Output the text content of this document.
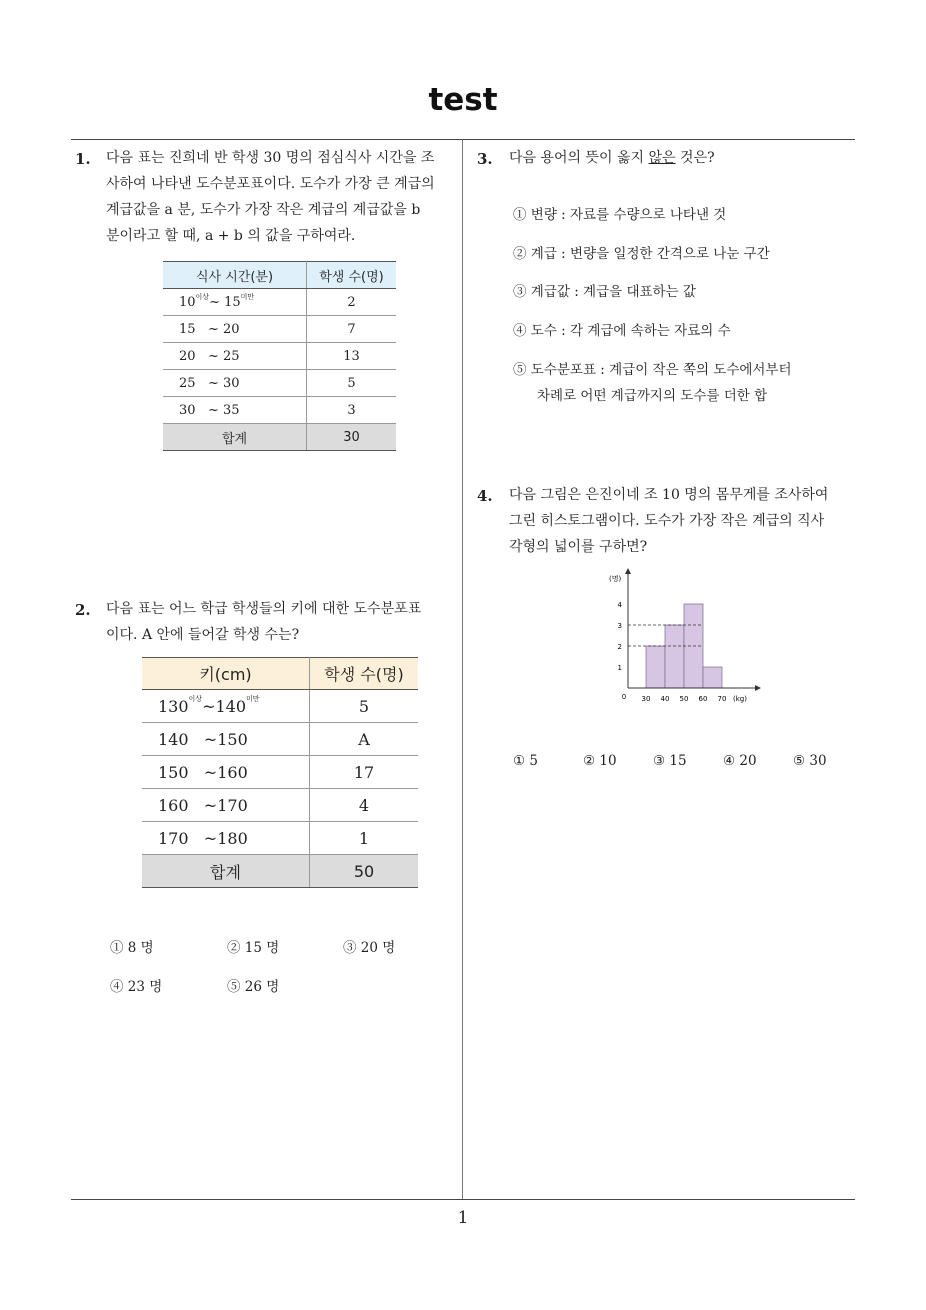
test
1
1. 다음 표는 진희네 반 학생 30 명의 점심식사 시간을 조
사하여 나타낸 도수분포표이다. 도수가 가장 큰 계급의
계급값을 a 분, 도수가 가장 작은 계급의 계급값을 b
분이라고 할 때, a + b 의 값을 구하여라.
식사 시간(분)	학생 수(명)
$10^{이상}\sim$ $15^{미만}$	2
15   ~ 20	7
20   ~ 25	13
25   ~ 30	5
30   ~ 35	3
합계	30
2. 다음 표는 어느 학급 학생들의 키에 대한 도수분포표
이다. A 안에 들어갈 학생 수는?
키(cm)	학생 수(명)
$130^{이상}\sim 140^{미만}$	5
140   ~150	A
150   ~160	17
160   ~170	4
170   ~180	1
합계	50
① 8 명	② 15 명	③ 20 명
④ 23 명	⑤ 26 명
3. 다음 용어의 뜻이 옳지 않은 것은?
① 변량 : 자료를 수량으로 나타낸 것
② 계급 : 변량을 일정한 간격으로 나눈 구간
③ 계급값 : 계급을 대표하는 값
④ 도수 : 각 계급에 속하는 자료의 수
⑤ 도수분포표 : 계급이 작은 쪽의 도수에서부터
차례로 어떤 계급까지의 도수를 더한 합
4. 다음 그림은 은진이네 조 10 명의 몸무게를 조사하여
그린 히스토그램이다. 도수가 가장 작은 계급의 직사
각형의 넓이를 구하면?
0	(kg)
(명)
30 40 50 60 70
1
2
3
4
① 5	② 10	③ 15	④ 20	⑤ 30
